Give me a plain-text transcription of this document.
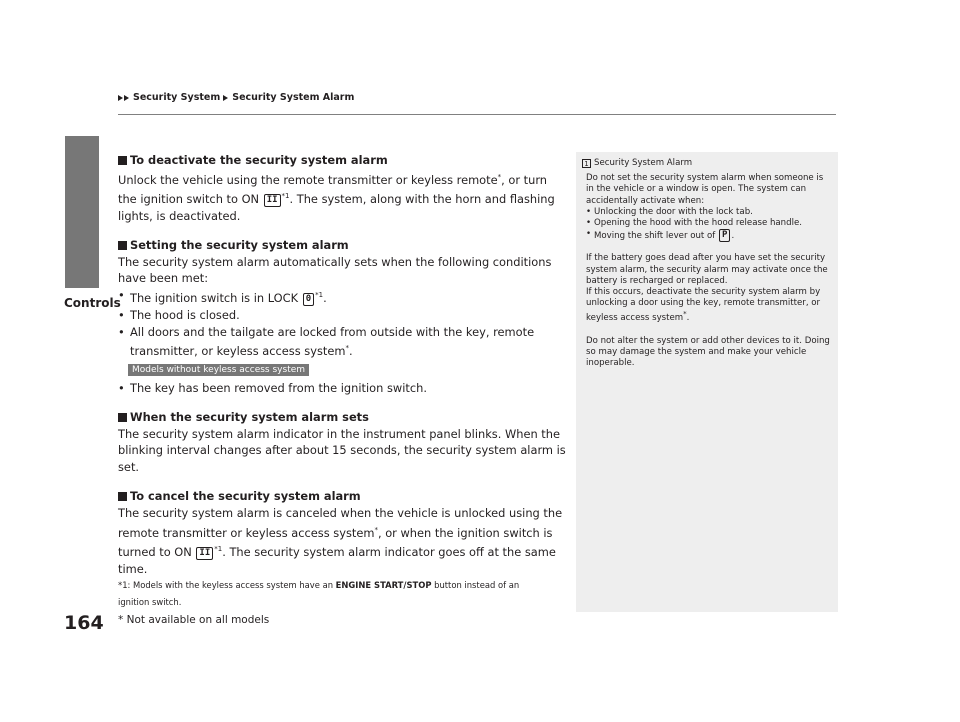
Security System Security System Alarm
Controls
164

To deactivate the security system alarm

Unlock the vehicle using the remote transmitter or keyless remote*, or turn the ignition switch to ON II $^{*1}$. The system, along with the horn and flashing lights, is deactivated.

Setting the security system alarm

The security system alarm automatically sets when the following conditions have been met:

• The ignition switch is in LOCK 0 $^{*1}$.
• The hood is closed.
• All doors and the tailgate are locked from outside with the key, remote
transmitter, or keyless access system*.
Models without keyless access system
• The key has been removed from the ignition switch.

When the security system alarm sets

The security system alarm indicator in the instrument panel blinks. When the blinking interval changes after about 15 seconds, the security system alarm is set.

To cancel the security system alarm

The security system alarm is canceled when the vehicle is unlocked using the remote transmitter or keyless access system*, or when the ignition switch is turned to ON II $^{*1}$. The security system alarm indicator goes off at the same time.

*1: Models with the keyless access system have an ENGINE START/STOP button instead of an
ignition switch.
* Not available on all models
1 Security System Alarm

Do not set the security system alarm when someone is in the vehicle or a window is open. The system can accidentally activate when:

• Unlocking the door with the lock tab.
• Opening the hood with the hood release handle.
• Moving the shift lever out of P .

If the battery goes dead after you have set the security system alarm, the security alarm may activate once the battery is recharged or replaced.

If this occurs, deactivate the security system alarm by unlocking a door using the key, remote transmitter, or keyless access system*.

Do not alter the system or add other devices to it. Doing so may damage the system and make your vehicle inoperable.
